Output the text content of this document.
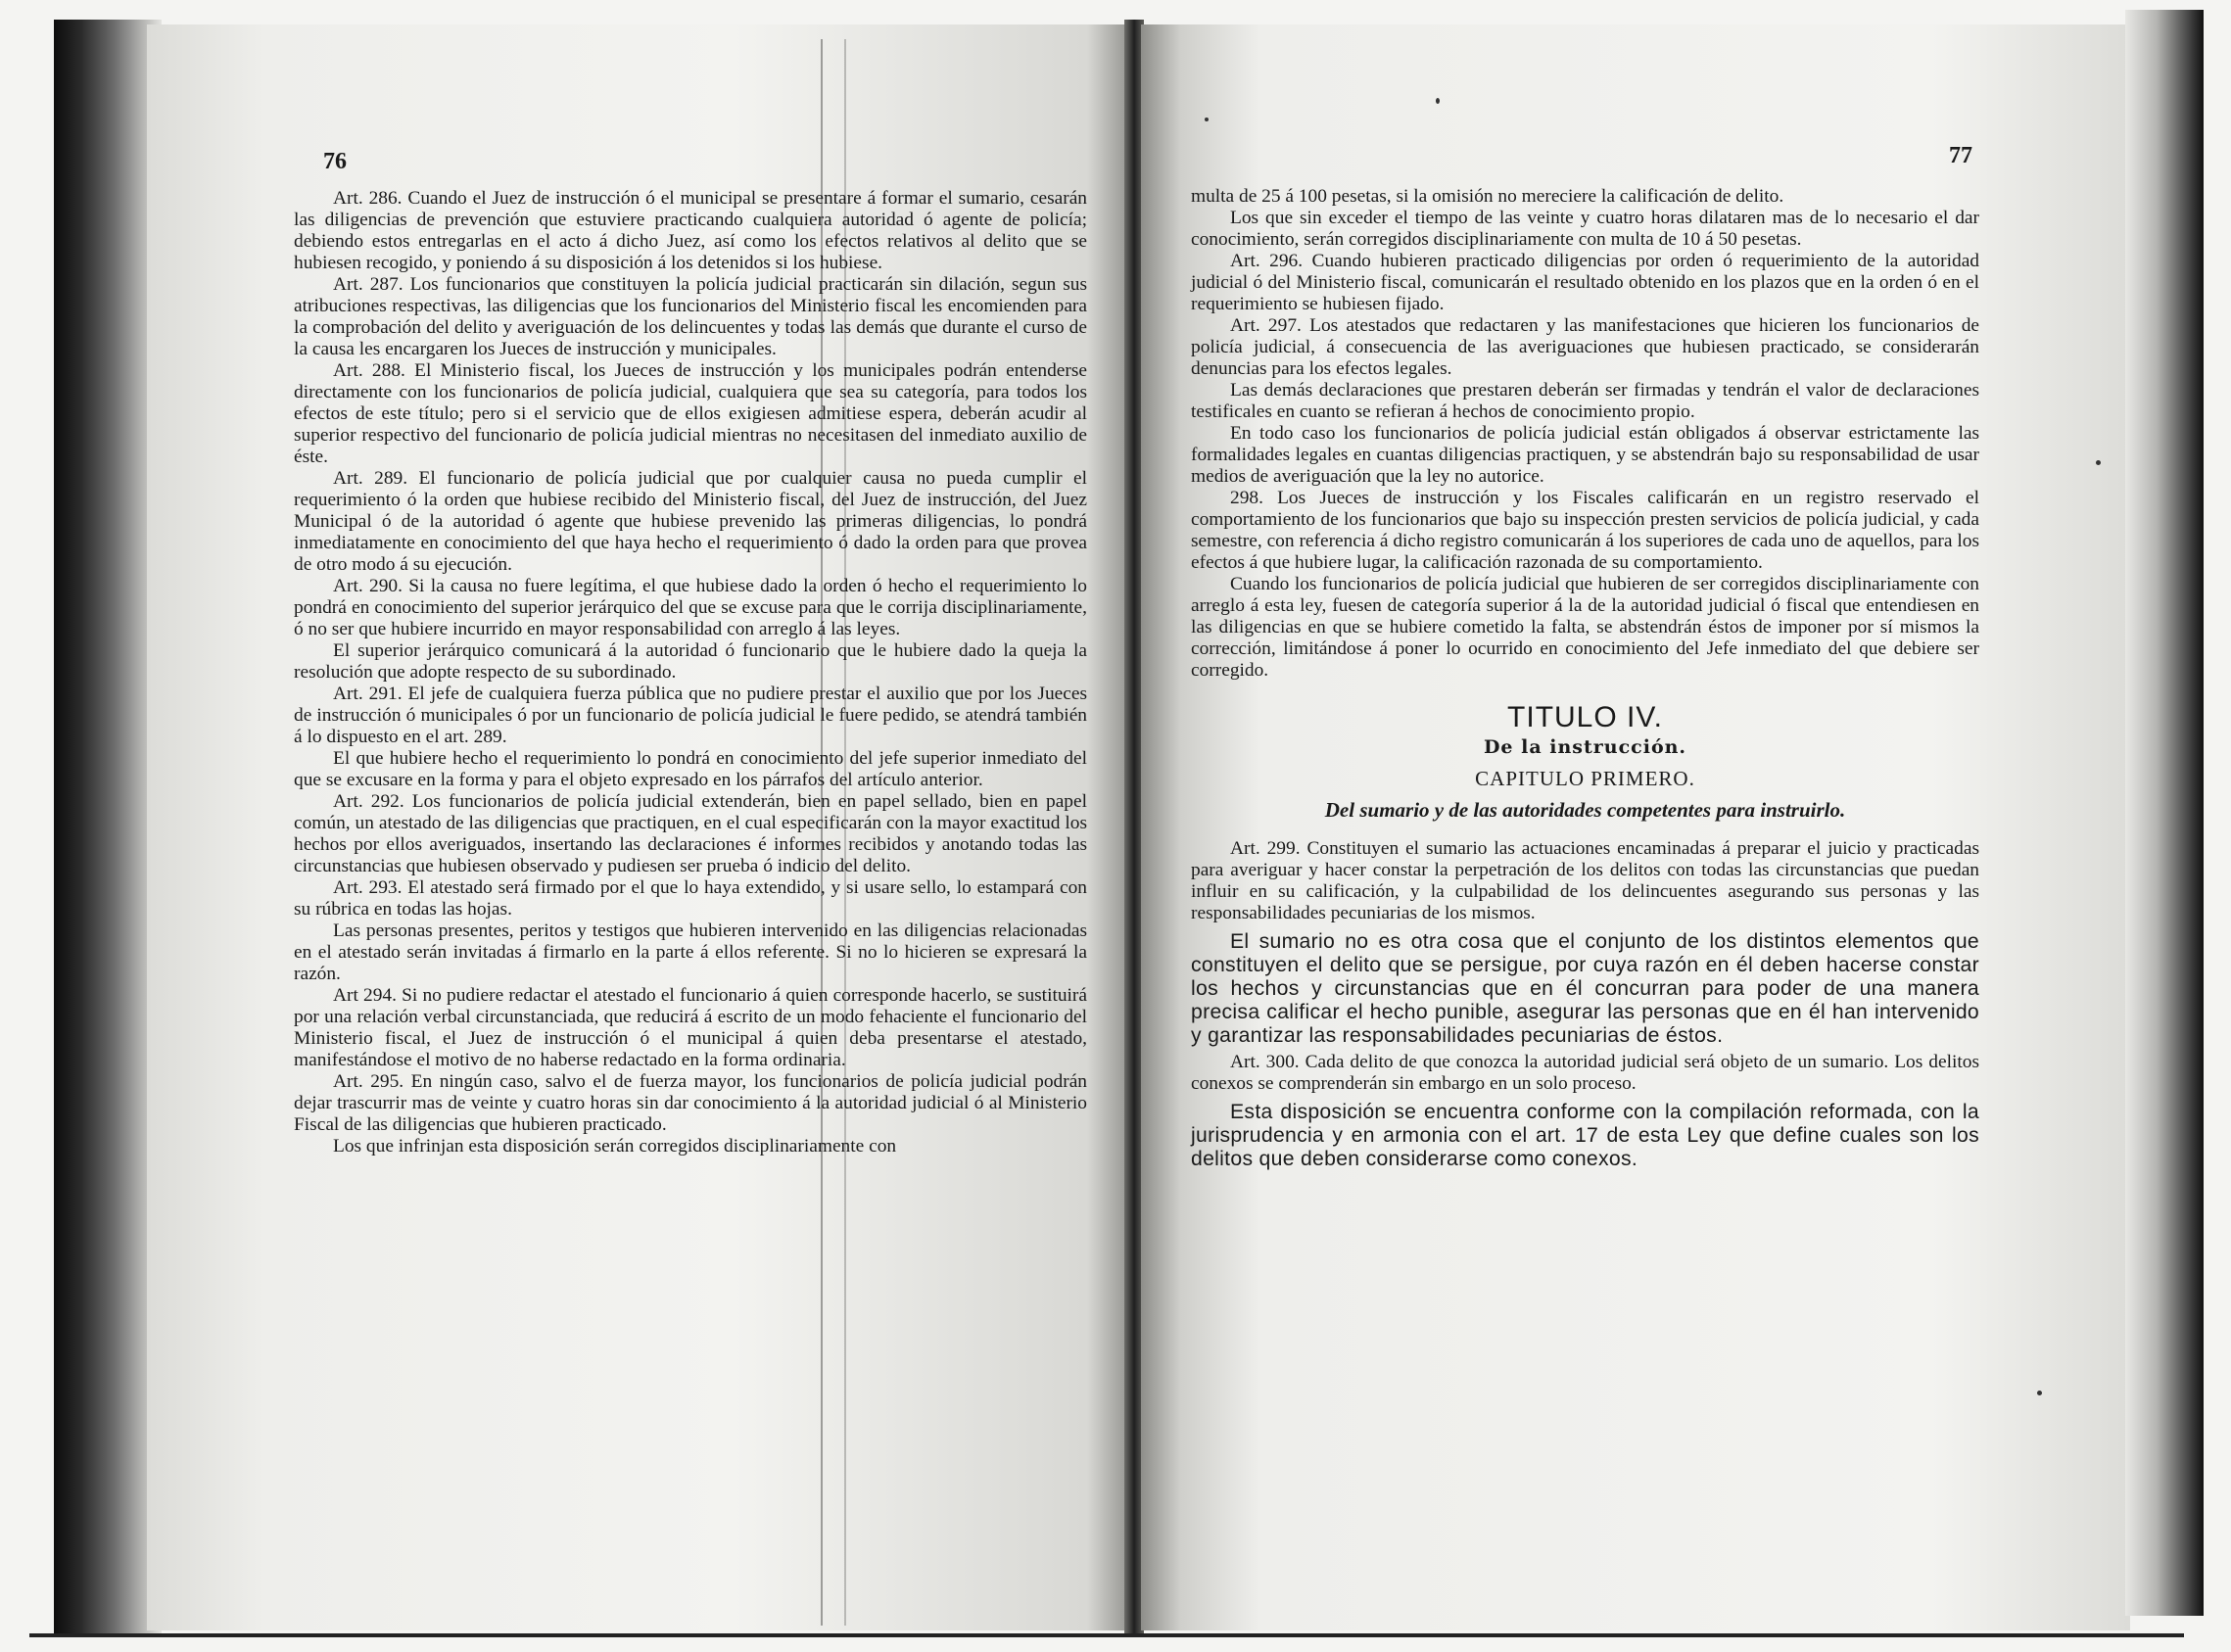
76	77

Art. 286. Cuando el Juez de instrucción ó el municipal se presentare á formar el sumario, cesarán las diligencias de prevención que estuviere practicando cualquiera autoridad ó agente de policía; debiendo estos entregarlas en el acto á dicho Juez, así como los efectos relativos al delito que se hubiesen recogido, y poniendo á su disposición á los detenidos si los hubiese.

Art. 287. Los funcionarios que constituyen la policía judicial practicarán sin dilación, segun sus atribuciones respectivas, las diligencias que los funcionarios del Ministerio fiscal les encomienden para la comprobación del delito y averiguación de los delincuentes y todas las demás que durante el curso de la causa les encargaren los Jueces de instrucción y municipales.

Art. 288. El Ministerio fiscal, los Jueces de instrucción y los municipales podrán entenderse directamente con los funcionarios de policía judicial, cualquiera que sea su categoría, para todos los efectos de este título; pero si el servicio que de ellos exigiesen admitiese espera, deberán acudir al superior respectivo del funcionario de policía judicial mientras no necesitasen del inmediato auxilio de éste.

Art. 289. El funcionario de policía judicial que por cualquier causa no pueda cumplir el requerimiento ó la orden que hubiese recibido del Ministerio fiscal, del Juez de instrucción, del Juez Municipal ó de la autoridad ó agente que hubiese prevenido las primeras diligencias, lo pondrá inmediatamente en conocimiento del que haya hecho el requerimiento ó dado la orden para que provea de otro modo á su ejecución.

Art. 290. Si la causa no fuere legítima, el que hubiese dado la orden ó hecho el requerimiento lo pondrá en conocimiento del superior jerárquico del que se excuse para que le corrija disciplinariamente, ó no ser que hubiere incurrido en mayor responsabilidad con arreglo á las leyes.

El superior jerárquico comunicará á la autoridad ó funcionario que le hubiere dado la queja la resolución que adopte respecto de su subordinado.

Art. 291. El jefe de cualquiera fuerza pública que no pudiere prestar el auxilio que por los Jueces de instrucción ó municipales ó por un funcionario de policía judicial le fuere pedido, se atendrá también á lo dispuesto en el art. 289.

El que hubiere hecho el requerimiento lo pondrá en conocimiento del jefe superior inmediato del que se excusare en la forma y para el objeto expresado en los párrafos del artículo anterior.

Art. 292. Los funcionarios de policía judicial extenderán, bien en papel sellado, bien en papel común, un atestado de las diligencias que practiquen, en el cual especificarán con la mayor exactitud los hechos por ellos averiguados, insertando las declaraciones é informes recibidos y anotando todas las circunstancias que hubiesen observado y pudiesen ser prueba ó indicio del delito.

Art. 293. El atestado será firmado por el que lo haya extendido, y si usare sello, lo estampará con su rúbrica en todas las hojas.

Las personas presentes, peritos y testigos que hubieren intervenido en las diligencias relacionadas en el atestado serán invitadas á firmarlo en la parte á ellos referente. Si no lo hicieren se expresará la razón.

Art 294. Si no pudiere redactar el atestado el funcionario á quien corresponde hacerlo, se sustituirá por una relación verbal circunstanciada, que reducirá á escrito de un modo fehaciente el funcionario del Ministerio fiscal, el Juez de instrucción ó el municipal á quien deba presentarse el atestado, manifestándose el motivo de no haberse redactado en la forma ordinaria.

Art. 295. En ningún caso, salvo el de fuerza mayor, los funcionarios de policía judicial podrán dejar trascurrir mas de veinte y cuatro horas sin dar conocimiento á la autoridad judicial ó al Ministerio Fiscal de las diligencias que hubieren practicado.

Los que infrinjan esta disposición serán corregidos disciplinariamente con

multa de 25 á 100 pesetas, si la omisión no mereciere la calificación de delito.

Los que sin exceder el tiempo de las veinte y cuatro horas dilataren mas de lo necesario el dar conocimiento, serán corregidos disciplinariamente con multa de 10 á 50 pesetas.

Art. 296. Cuando hubieren practicado diligencias por orden ó requerimiento de la autoridad judicial ó del Ministerio fiscal, comunicarán el resultado obtenido en los plazos que en la orden ó en el requerimiento se hubiesen fijado.

Art. 297. Los atestados que redactaren y las manifestaciones que hicieren los funcionarios de policía judicial, á consecuencia de las averiguaciones que hubiesen practicado, se considerarán denuncias para los efectos legales.

Las demás declaraciones que prestaren deberán ser firmadas y tendrán el valor de declaraciones testificales en cuanto se refieran á hechos de conocimiento propio.

En todo caso los funcionarios de policía judicial están obligados á observar estrictamente las formalidades legales en cuantas diligencias practiquen, y se abstendrán bajo su responsabilidad de usar medios de averiguación que la ley no autorice.

298. Los Jueces de instrucción y los Fiscales calificarán en un registro reservado el comportamiento de los funcionarios que bajo su inspección presten servicios de policía judicial, y cada semestre, con referencia á dicho registro comunicarán á los superiores de cada uno de aquellos, para los efectos á que hubiere lugar, la calificación razonada de su comportamiento.

Cuando los funcionarios de policía judicial que hubieren de ser corregidos disciplinariamente con arreglo á esta ley, fuesen de categoría superior á la de la autoridad judicial ó fiscal que entendiesen en las diligencias en que se hubiere cometido la falta, se abstendrán éstos de imponer por sí mismos la corrección, limitándose á poner lo ocurrido en conocimiento del Jefe inmediato del que debiere ser corregido.

TITULO IV.
De la instrucción.
CAPITULO PRIMERO.
Del sumario y de las autoridades competentes para instruirlo.

Art. 299. Constituyen el sumario las actuaciones encaminadas á preparar el juicio y practicadas para averiguar y hacer constar la perpetración de los delitos con todas las circunstancias que puedan influir en su calificación, y la culpabilidad de los delincuentes asegurando sus personas y las responsabilidades pecuniarias de los mismos.

El sumario no es otra cosa que el conjunto de los distintos elementos que constituyen el delito que se persigue, por cuya razón en él deben hacerse constar los hechos y circunstancias que en él concurran para poder de una manera precisa calificar el hecho punible, asegurar las personas que en él han intervenido y garantizar las responsabilidades pecuniarias de éstos.

Art. 300. Cada delito de que conozca la autoridad judicial será objeto de un sumario. Los delitos conexos se comprenderán sin embargo en un solo proceso.

Esta disposición se encuentra conforme con la compilación reformada, con la jurisprudencia y en armonia con el art. 17 de esta Ley que define cuales son los delitos que deben considerarse como conexos.
